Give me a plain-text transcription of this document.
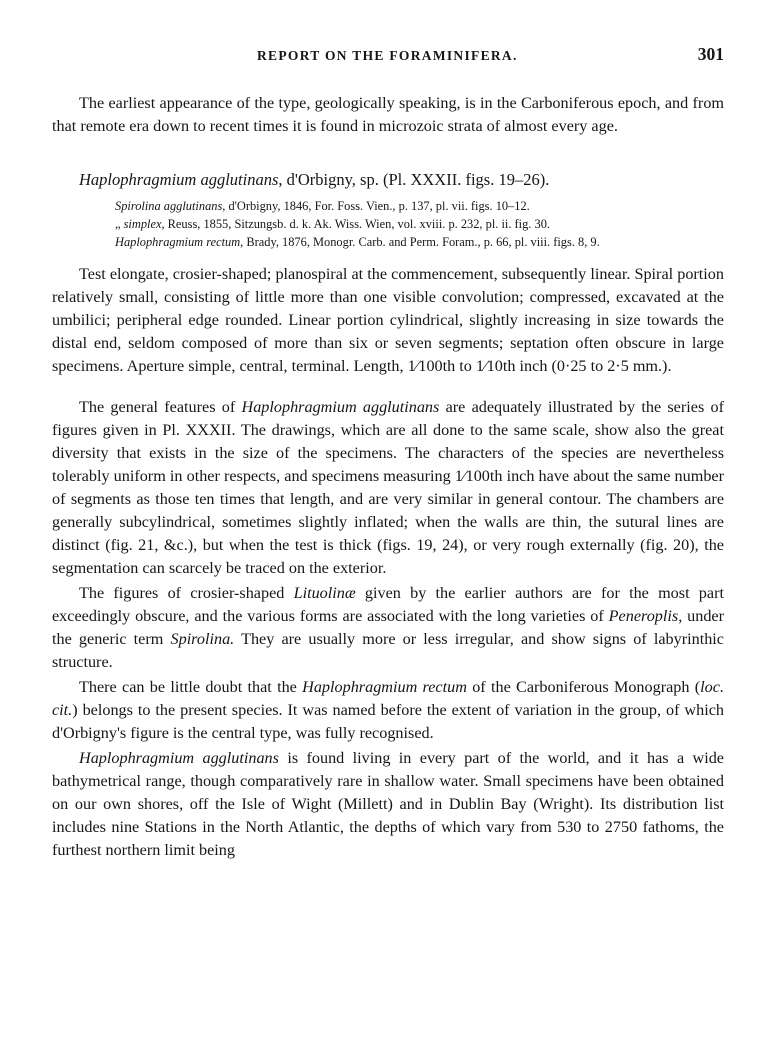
REPORT ON THE FORAMINIFERA.	301

The earliest appearance of the type, geologically speaking, is in the Carboniferous epoch, and from that remote era down to recent times it is found in microzoic strata of almost every age.

Haplophragmium agglutinans, d'Orbigny, sp. (Pl. XXXII. figs. 19–26).

Spirolina agglutinans, d'Orbigny, 1846, For. Foss. Vien., p. 137, pl. vii. figs. 10–12.

„ simplex, Reuss, 1855, Sitzungsb. d. k. Ak. Wiss. Wien, vol. xviii. p. 232, pl. ii. fig. 30.

Haplophragmium rectum, Brady, 1876, Monogr. Carb. and Perm. Foram., p. 66, pl. viii. figs. 8, 9.

Test elongate, crosier-shaped; planospiral at the commencement, subsequently linear. Spiral portion relatively small, consisting of little more than one visible convolution; compressed, excavated at the umbilici; peripheral edge rounded. Linear portion cylindrical, slightly increasing in size towards the distal end, seldom composed of more than six or seven segments; septation often obscure in large specimens. Aperture simple, central, terminal. Length, 1⁄100th to 1⁄10th inch (0·25 to 2·5 mm.).

The general features of Haplophragmium agglutinans are adequately illustrated by the series of figures given in Pl. XXXII. The drawings, which are all done to the same scale, show also the great diversity that exists in the size of the specimens. The characters of the species are nevertheless tolerably uniform in other respects, and specimens measuring 1⁄100th inch have about the same number of segments as those ten times that length, and are very similar in general contour. The chambers are generally subcylindrical, sometimes slightly inflated; when the walls are thin, the sutural lines are distinct (fig. 21, &c.), but when the test is thick (figs. 19, 24), or very rough externally (fig. 20), the segmentation can scarcely be traced on the exterior.

The figures of crosier-shaped Lituolinæ given by the earlier authors are for the most part exceedingly obscure, and the various forms are associated with the long varieties of Peneroplis, under the generic term Spirolina. They are usually more or less irregular, and show signs of labyrinthic structure.

There can be little doubt that the Haplophragmium rectum of the Carboniferous Monograph (loc. cit.) belongs to the present species. It was named before the extent of variation in the group, of which d'Orbigny's figure is the central type, was fully recognised.

Haplophragmium agglutinans is found living in every part of the world, and it has a wide bathymetrical range, though comparatively rare in shallow water. Small specimens have been obtained on our own shores, off the Isle of Wight (Millett) and in Dublin Bay (Wright). Its distribution list includes nine Stations in the North Atlantic, the depths of which vary from 530 to 2750 fathoms, the furthest northern limit being
